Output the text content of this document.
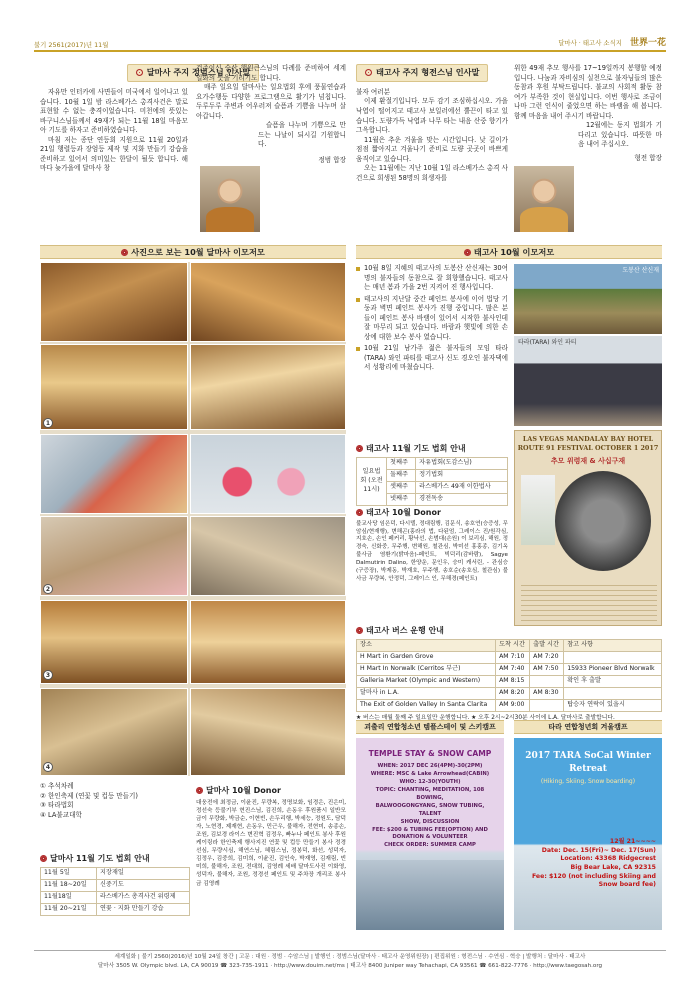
불기 2561(2017)년 11월	달마사 · 태고사 소식지 世界一花
달마사 주지 정범스님 인사말

자유만 인터카에 사면들이 미국에서 일어나고 있습니다. 10월 1일 밤 라스베가스 총격사건은 말로 표현할 수 없는 충격이었습니다. 미천에의 뜻있는 바구니스님들께서 49재가 되는 11월 18일 마음모아 기도를 하자고 준비하였습니다.

마침 저는 종단 연등회 지원으로 11월 20일과 21일 행렬등과 장엄등 제작 및 지화 만들기 강습을 준비하고 있어서 의미있는 한달이 될듯 합니다. 해마다 늦가을에 달마사 창

건주이신 승산 행원큰스님의 다례를 준비하여 세계일화의 뜻을 기리기도 합니다.

매주 일요일 달마사는 일요법회 후에 풍물연습과 요가수행등 다양한 프로그램으로 활기가 넘칩니다. 두루두루 주변과 어우러져 슬픔과 기쁨을 나누며 살아갑니다.

슬픔을 나누며 기쁨으로 만드는 나날이 되시길 기원합니다.

정범 합장

태고사 주지 형전스님 인사말

불자 여러분

이제 환절기입니다. 모두 감기 조심하십시오. 가을 낙엽이 떨어지고 태고사 보일러에선 뿔끈이 타고 있습니다. 도량가득 낙엽과 나무 타는 내음 산중 향기가 그윽합니다.

11월은 추운 겨울을 맞는 시간입니다. 낮 길이가 점점 짧아지고 겨울나기 준비로 도량 곳곳이 바쁘게 움직이고 있습니다.

오는 11월에는 지난 10월 1일 라스베가스 총격 사건으로 희생된 58명의 희생자를

위한 49재 추모 행사를 17~19일까지 봉행할 예정입니다. 나눔과 자비심의 실천으로 불자님들의 많은 동참과 후원 부탁드립니다. 불교의 사회적 활동 참여가 부족한 것이 현실입니다. 이번 행사로 조금이나마 그런 인식이 줄었으면 하는 바램을 해 봅니다. 함께 마음을 내어 주시기 바랍니다.

12월에는 동지 법회가 기다리고 있습니다. 따뜻한 마음 내어 주십시오.

형전 합장

사진으로 보는 10월 달마사 이모저모
1
2
3
4
① 추석차례
② 한인축제 (연꽃 및 컵등 만들기)
③ 타라법회
④ LA불교대학
달마사 11월 기도 법회 안내
11월 5일	지장재일
11월 18~20일	신중기도
11월18일	라스베가스 총격사건 위령제
11월 20~21일	연꽃 · 지화 만들기 강습
달마사 10월 Donor

대웅전에 최정금, 이윤진, 무량복, 정명보화, 임경은, 진은미, 정선숙 등불기부 현진스님, 김진희, 손동우 후원품시 일반모금이 무량화, 박금순, 이현빈, 손두리행, 박세능, 정원도, 담덕자, 노현경, 제재현, 손동우, 민근우, 불해자, 전현미, 송종손, 조원, 김보경 라이스 변진혁 김정우, 빠누나 페인트 봉사 후원 케이링라 한인축제 행사지진 연꽃 및 컵등 만들기 봉사 정경선심, 무량시심, 해연스님, 혜림스님, 정봉덕, 화선, 성덕자, 김정우, 김중희, 김미희, 이윤진, 김인숙, 박재영, 김재림, 빈미희, 불해자, 조원, 전대희, 김영례 세배 달마도사진 이화영, 성덕자, 불해자, 조원, 정경선 페인트 및 주차장 개리조 봉사금 김영례

태고사 10월 이모저모
10월 8일 지혜의 태고사의 도봉산 산신재는 30여명의 불자들의 동참으로 잘 회향했습니다. 태고사는 매년 봄과 가을 2번 지켜어 진 행사입니다.
태고사의 지난달 중간 페인트 봉사에 이어 법당 기둥과 벽면 페인트 봉사가 진행 중입니다. 많은 분들이 페인트 봉사 바램이 있어서 시작한 불사인데 잘 마무리 되고 있습니다. 바람과 햇빛에 의한 손상에 대한 보수 봉사 였습니다.
10월 21일 남가주 젊은 불자들의 모임 타라(TARA) 와인 파티를 태고사 신도 경오인 불자댁에서 성황리에 마쳤습니다.
도봉산 산신재
타라(TARA) 와인 파티
LAS VEGAS MANDALAY BAY HOTEL
ROUTE 91 FESTIVAL OCTOBER 1 2017
추모 위령재 & 사십구재
태고사 11월 기도 법회 안내
일요법회 (오전11시)	첫째주	자유법회(도감스님)
	둘째주	정기법회
	셋째주	라스베가스 49재 이한법사
	넷째주	경전독송
태고사 10월 Donor

불교사당 임은덕, 다시델, 정대림행, 김문식, 송호연(승증성, 무암심/현재행), 변해곤(홍라의 법, 다된엄, 그레이스 진/원각심, 지호손, 손인 페커리, 황낙선, 손범대(손원) 이 보리심, 해원, 정경숙, 신화중, 무주행, 변해원, 철관심, 박미선 홍홍종, 김기옥 불사금 염환기(밝마음)-페인트, 빅덕리(감바람), Sagye Dalmutirin Dalino, 한양운, 문인우, 승미 캐서린, - 관심승(구증장), 박제동, 박재호, 무주행, 송호순(송호심, 철관심) 불사금 무량복, 안정덕, 그레이스 인, 무해경(페인트)

태고사 버스 운행 안내
장소	도착 시간	출발 시간	참고 사항
H Mart in Garden Grove	AM 7:10	AM 7:20	
H Mart In Norwalk (Cerritos 부근)	AM 7:40	AM 7:50	15933 Pioneer Blvd Norwalk
Galleria Market (Olympic and Western)	AM 8:15		확인 후 출발
달마사 in L.A.	AM 8:20	AM 8:30	
The Exit of Golden Valley In Santa Clarita	AM 9:00		탑승자 연락이 있을시
★ 버스는 매월 둘째 주 일요일만 운행합니다. ★ 오후 2시~2시30분 사이에 L.A. 달마사로 출발합니다.
괴출리 연합청소년 템플스테이 및 스키캠프
TEMPLE STAY & SNOW CAMP
WHEN: 2017 DEC 26(4PM)-30(2PM)
WHERE: MSC & Lake Arrowhead(CABIN)
WHO: 12-30(YOUTH)
TOPIC: CHANTING, MEDITATION, 108 BOWING,
BALWOOGONGYANG, SNOW TUBING, TALENT
SHOW, DISCUSSION
FEE: $200 & TUBING FEE(OPTION) AND
DONATION & VOLUNTEER
CHECK ORDER: SUMMER CAMP
타라 연합청년회 겨울캠프
2017 TARA SoCal Winter Retreat
(Hiking, Skiing, Snow boarding)
12월 21~~~~
Date: Dec. 15(Fri)~ Dec. 17(Sun)
Location: 43368 Ridgecrest
Big Bear Lake, CA 92315
Fee: $120 (not including Skiing and Snow board fee)
세계일화 | 불기 2560(2016)년 10월 24일 창간 | 고문 : 대원 · 정범 · 수암스님 | 발행인 : 정범스님(달마사 · 태고사 운영위원장) | 편집위원 : 형전스님 · 수연심 · 혁승 | 발행처 : 달마사 · 태고사
달마사 3505 W. Olympic blvd. LA, CA 90019 ☎ 323-735-1911 · http://www.douim.net/ms | 태고사 8400 Juniper way Tehachapi, CA 93561 ☎ 661-822-7776 · http://www.taegosah.org
